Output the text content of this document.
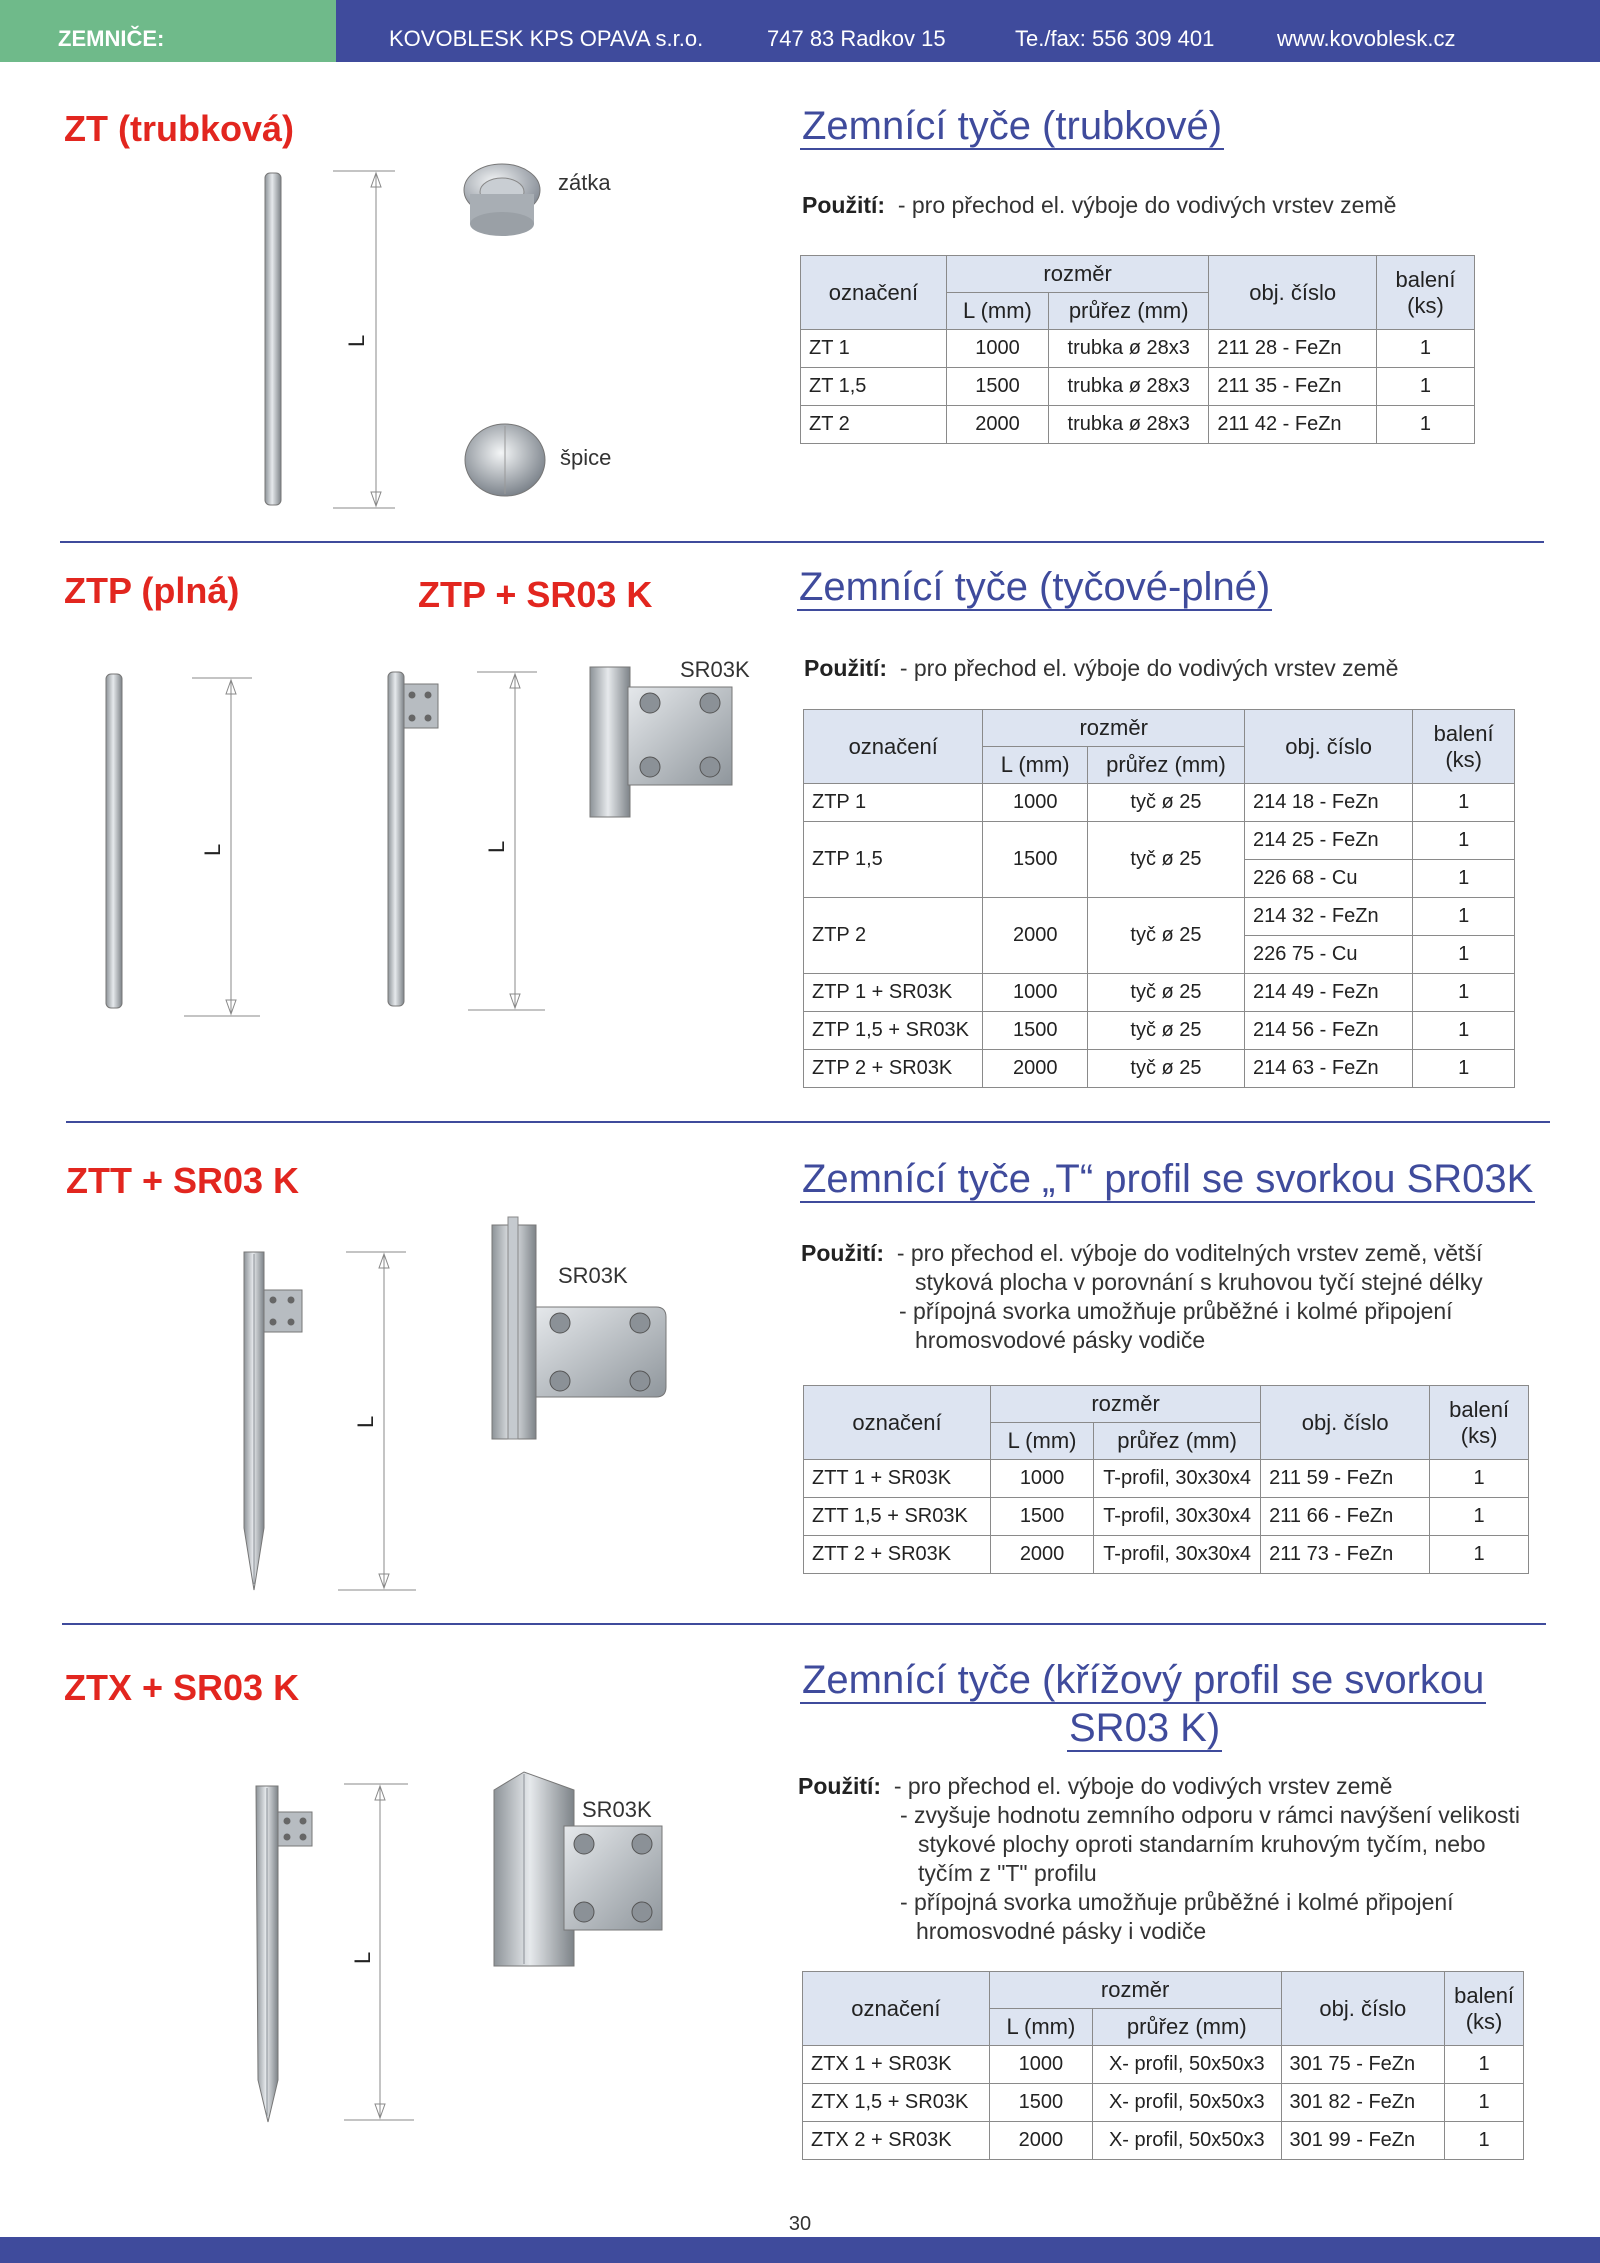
ZEMNIČE:	KOVOBLESK KPS OPAVA s.r.o.	747 83 Radkov 15	Te./fax: 556 309 401	www.kovoblesk.cz
ZT (trubková)
L
zátka
špice
Zemnící tyče (trubkové)
Použití: - pro přechod el. výboje do vodivých vrstev země
označení	rozměr		obj. číslo	balení
(ks)
	L (mm)	průřez (mm)		
ZT 1	1000	trubka ø 28x3	211 28 - FeZn	1
ZT 1,5	1500	trubka ø 28x3	211 35 - FeZn	1
ZT 2	2000	trubka ø 28x3	211 42 - FeZn	1
ZTP (plná)	ZTP + SR03 K
L	L
SR03K
Zemnící tyče (tyčové-plné)
Použití: - pro přechod el. výboje do vodivých vrstev země
označení	rozměr		obj. číslo	balení
(ks)
	L (mm)	průřez (mm)		
ZTP 1	1000	tyč ø 25	214 18 - FeZn	1
ZTP 1,5	1500	tyč ø 25	214 25 - FeZn	1
			226 68 - Cu	1
ZTP 2	2000	tyč ø 25	214 32 - FeZn	1
			226 75 - Cu	1
ZTP 1 + SR03K	1000	tyč ø 25	214 49 - FeZn	1
ZTP 1,5 + SR03K	1500	tyč ø 25	214 56 - FeZn	1
ZTP 2 + SR03K	2000	tyč ø 25	214 63 - FeZn	1
ZTT + SR03 K
L
SR03K
Zemnící tyče „T“ profil se svorkou SR03K
Použití: - pro přechod el. výboje do voditelných vrstev země, větší
styková plocha v porovnání s kruhovou tyčí stejné délky
- přípojná svorka umožňuje průběžné i kolmé připojení
hromosvodové pásky vodiče
označení	rozměr		obj. číslo	balení
(ks)
	L (mm)	průřez (mm)		
ZTT 1 + SR03K	1000	T-profil, 30x30x4	211 59 - FeZn	1
ZTT 1,5 + SR03K	1500	T-profil, 30x30x4	211 66 - FeZn	1
ZTT 2 + SR03K	2000	T-profil, 30x30x4	211 73 - FeZn	1
ZTX + SR03 K
L
SR03K
Zemnící tyče (křížový profil se svorkou
SR03 K)
Použití: - pro přechod el. výboje do vodivých vrstev země
- zvyšuje hodnotu zemního odporu v rámci navýšení velikosti
stykové plochy oproti standarním kruhovým tyčím, nebo
tyčím z "T" profilu
- přípojná svorka umožňuje průběžné i kolmé připojení
hromosvodné pásky i vodiče
označení	rozměr		obj. číslo	balení
(ks)
	L (mm)	průřez (mm)		
ZTX 1 + SR03K	1000	X- profil, 50x50x3	301 75 - FeZn	1
ZTX 1,5 + SR03K	1500	X- profil, 50x50x3	301 82 - FeZn	1
ZTX 2 + SR03K	2000	X- profil, 50x50x3	301 99 - FeZn	1
30
